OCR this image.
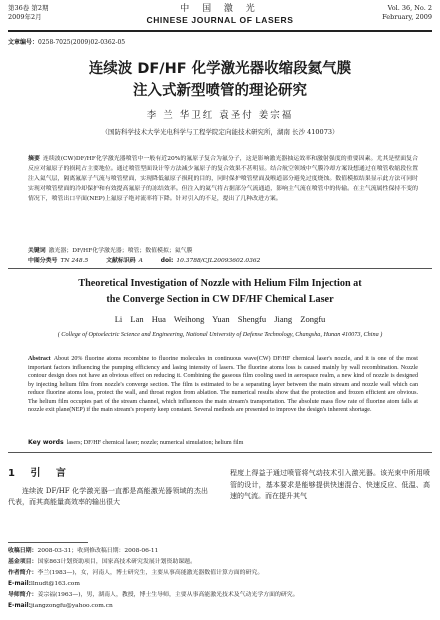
第36卷 第2期
2009年2月
中 国 激 光
CHINESE JOURNAL OF LASERS
Vol. 36, No. 2
February, 2009
文章编号：0258-7025(2009)02-0362-05
连续波 DF/HF 化学激光器收缩段氦气膜
注入式新型喷管的理论研究
李 兰 华卫红 袁圣付 姜宗福
（国防科学技术大学光电科学与工程学院定向能技术研究所，湖南 长沙 410073）
摘要 连续波(CW)DF/HF化学激光器喷管中一般有近20%的氟原子复合为氟分子，这是影响激光器抽运效率和激射强度的重要因素。尤其是壁面复合反应对氟原子的损耗占主要地位。通过喷管型面设计等方法减少氟原子的复合效果不甚明显。结合航空领域中气膜冷却方案设想通过在喷管收缩段位置注入氦气层，隔离氟原子气流与喷管壁面，实现降低氟原子损耗的目的，同时保护喷管壁面及喉道部分避免过度烧蚀。数值模拟结果显示此方法可同时实现对喷管壁面的冷却保护和有效提高氟原子的冻结效率。但注入的氦气将占据部分气流通道，影响主气流在喷管中的传输。在主气流属性保持不变的情况下，喷管出口平面(NEP)上氟原子绝对流率将下降。针对引入的不足，提出了几种改进方案。
关键词 激光器；DF/HF化学激光器；喷管；数值模拟；氦气膜
中图分类号 TN 248.5	文献标识码 A	doi: 10.3788/CJL20093602.0362
Theoretical Investigation of Nozzle with Helium Film Injection at
the Converge Section in CW DF/HF Chemical Laser
Li Lan Hua Weihong Yuan Shengfu Jiang Zongfu
( College of Optoelectric Science and Engineering, National University of Defense Technology, Changsha, Hunan 410073, China )
Abstract About 20% fluorine atoms recombine to fluorine molecules in continuous wave(CW) DF/HF chemical laser's nozzle, and it is one of the most important factors influencing the pumping efficiency and lasing intensity of lasers. The fluorine atoms loss is caused mainly by wall recombination. Nozzle contour design does not have an obvious effect on reducing it. Combining the gaseous film cooling used in aerospace realm, a new kind of nozzle is designed by injecting helium film from nozzle's converge section. The film is estimated to be a separating layer between the main stream and nozzle wall which can reduce fluorine atoms loss, protect the wall, and throat region from ablation. The numerical results show that the protection and frozen efficient are obvious. The helium film occupies part of the stream channel, which influences the main stream's transportation. The absolute mass flow rate of fluorine atom falls at nozzle exit plane(NEP) if the main stream's property keep constant. Several methods are presented to improve the design's inherent shortage.
Key words lasers; DF/HF chemical laser; nozzle; numerical simulation; helium film
1 引 言
连续波 DF/HF 化学激光器一直都是高能激光器领域的杰出代表，而其高能量高效率的输出很大
程度上得益于通过喷管将气动技术引入激光器。该光束中所用喷管的设计，基本要求是能够提供快速混合、快速反应、低温、高速的气流。而在提升其气
收稿日期：2008-03-31；收到修改稿日期：2008-06-11
基金项目：国家863计划资助项目，国家高技术研究发展计划资助课题。
作者简介：李兰(1983—)，女，河南人，博士研究生，主要从事高能激光器数值计算方面的研究。
E-mail:llnudt@163.com
导师简介：姜宗福(1963—)，男，湖南人，教授，博士生导师，主要从事高能激光技术及气动光学方面的研究。
E-mail:jiangzongfu@yahoo.com.cn
